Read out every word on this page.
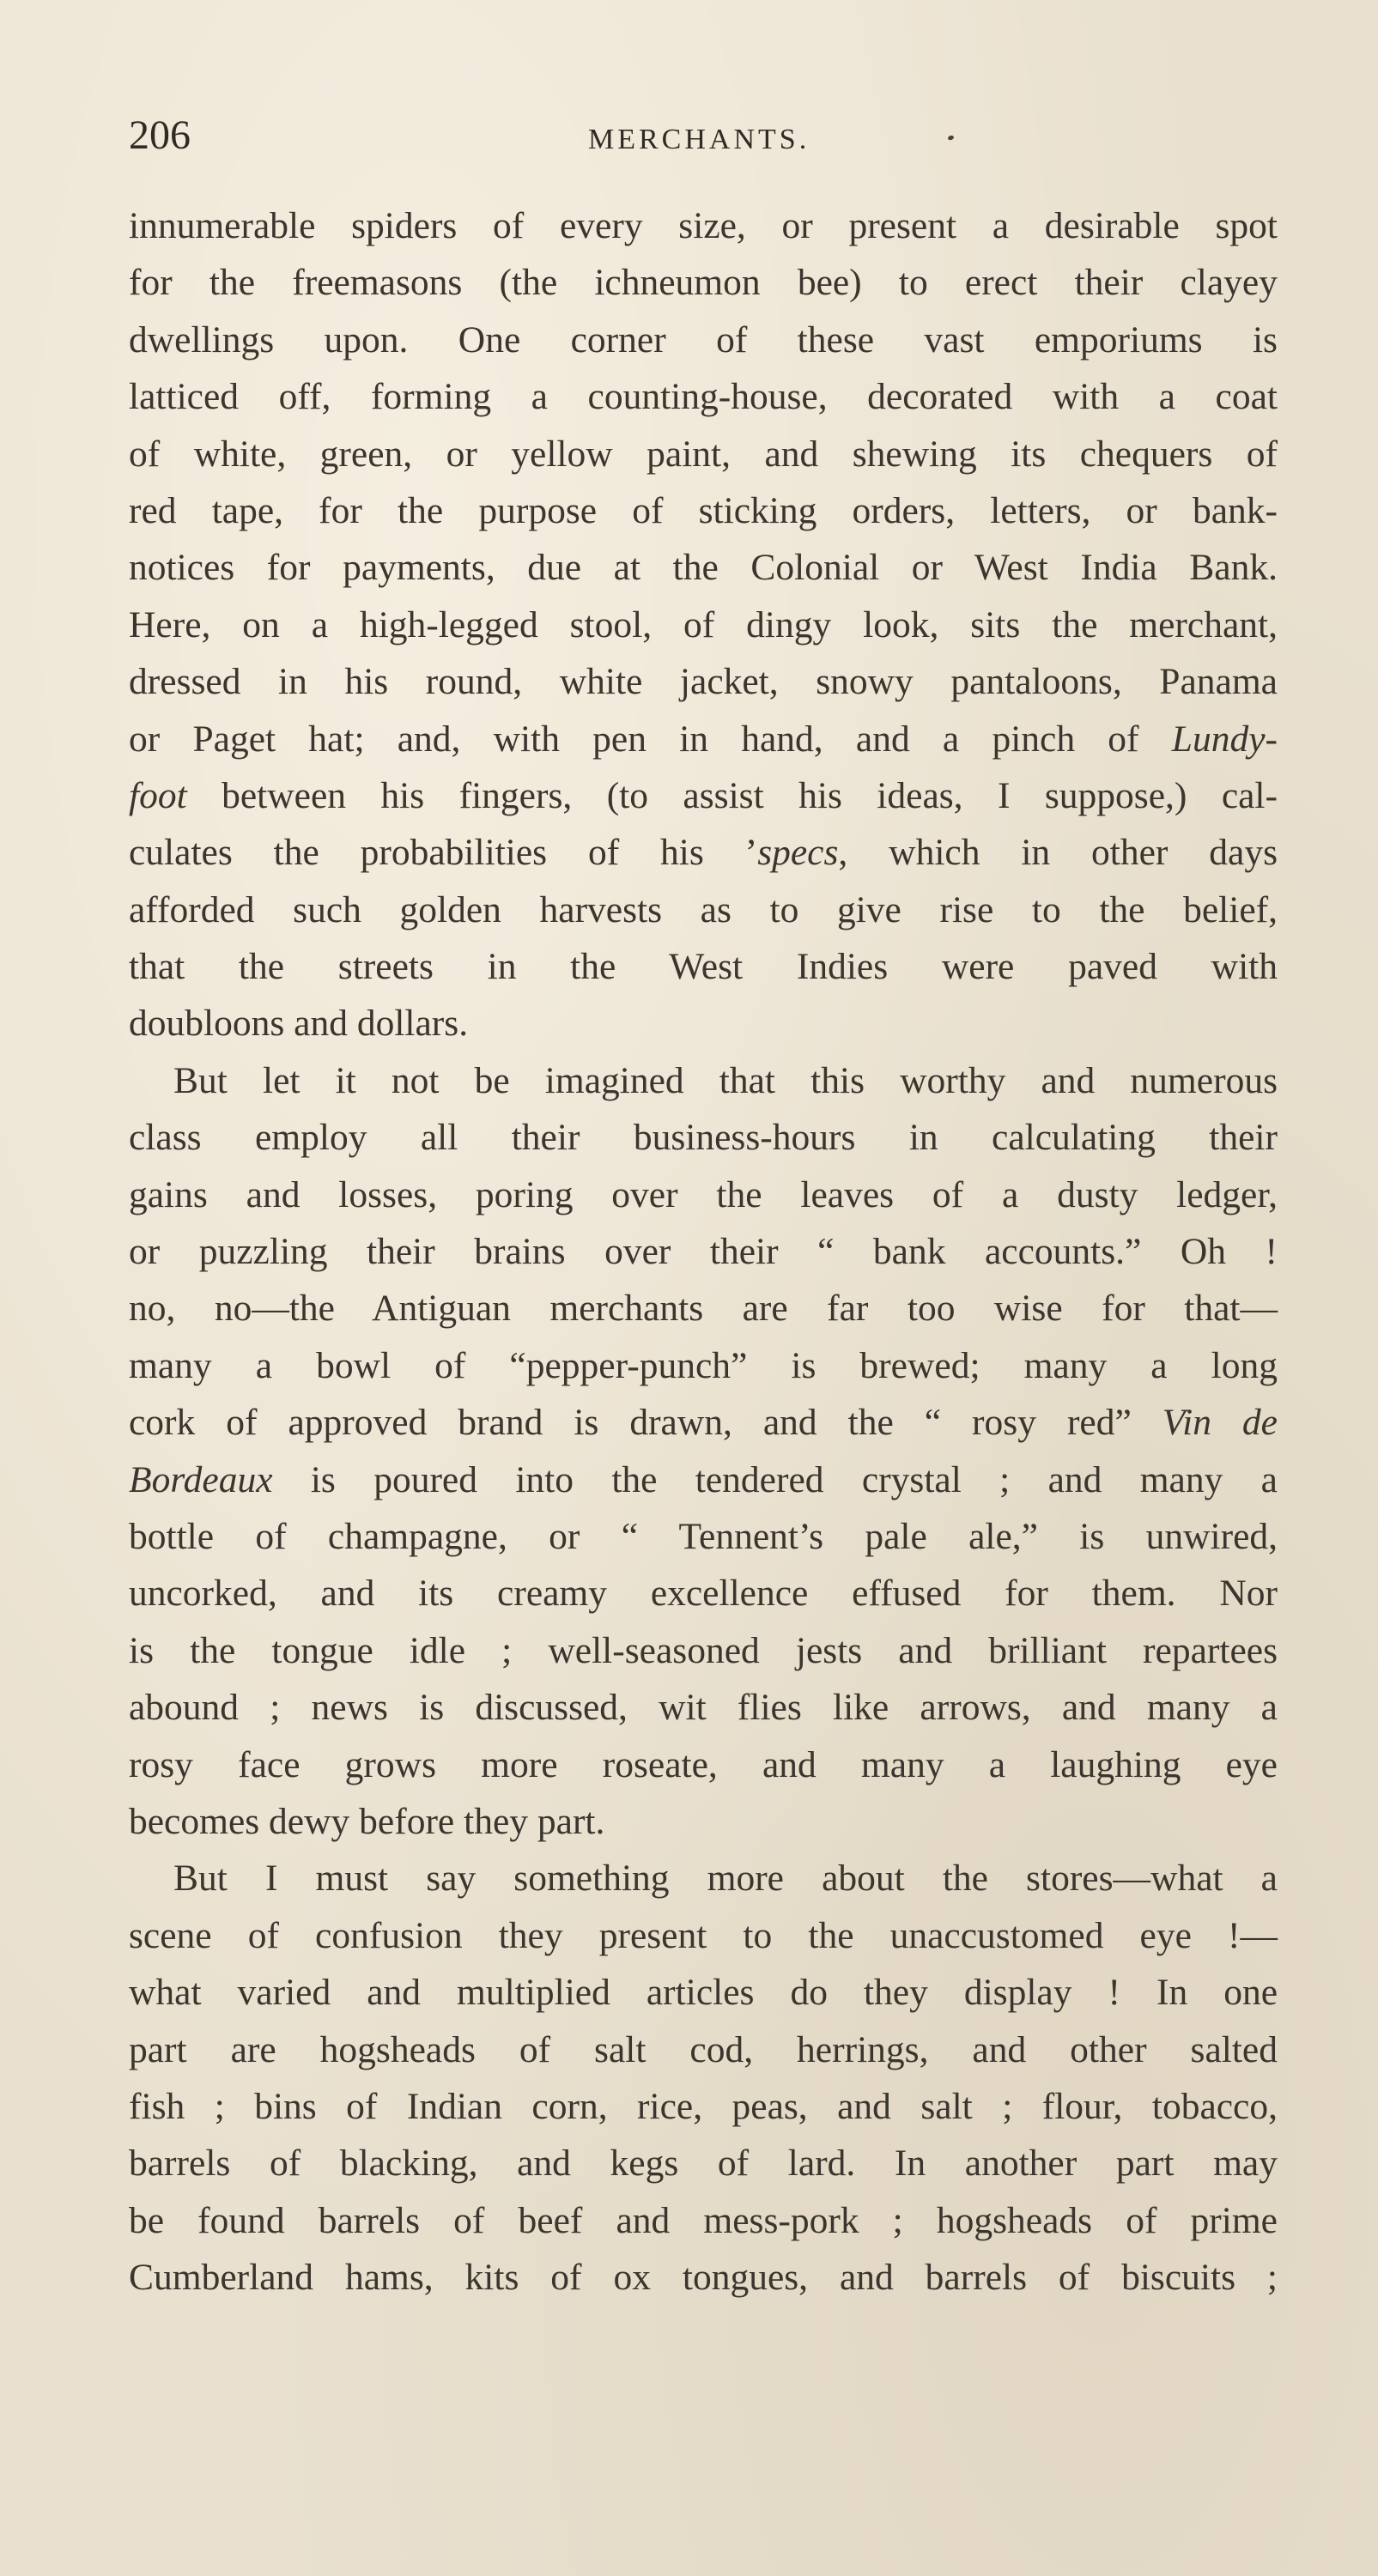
206	MERCHANTS.
innumerable spiders of every size, or present a desirable spot
for the freemasons (the ichneumon bee) to erect their clayey
dwellings upon. One corner of these vast emporiums is
latticed off, forming a counting-house, decorated with a coat
of white, green, or yellow paint, and shewing its chequers of
red tape, for the purpose of sticking orders, letters, or bank-
notices for payments, due at the Colonial or West India Bank.
Here, on a high-legged stool, of dingy look, sits the merchant,
dressed in his round, white jacket, snowy pantaloons, Panama
or Paget hat; and, with pen in hand, and a pinch of Lundy-
foot between his fingers, (to assist his ideas, I suppose,) cal-
culates the probabilities of his ’specs, which in other days
afforded such golden harvests as to give rise to the belief,
that the streets in the West Indies were paved with
doubloons and dollars.
But let it not be imagined that this worthy and numerous
class employ all their business-hours in calculating their
gains and losses, poring over the leaves of a dusty ledger,
or puzzling their brains over their “ bank accounts.” Oh !
no, no—the Antiguan merchants are far too wise for that—
many a bowl of “pepper-punch” is brewed; many a long
cork of approved brand is drawn, and the “ rosy red” Vin de
Bordeaux is poured into the tendered crystal ; and many a
bottle of champagne, or “ Tennent’s pale ale,” is unwired,
uncorked, and its creamy excellence effused for them. Nor
is the tongue idle ; well-seasoned jests and brilliant repartees
abound ; news is discussed, wit flies like arrows, and many a
rosy face grows more roseate, and many a laughing eye
becomes dewy before they part.
But I must say something more about the stores—what a
scene of confusion they present to the unaccustomed eye !—
what varied and multiplied articles do they display ! In one
part are hogsheads of salt cod, herrings, and other salted
fish ; bins of Indian corn, rice, peas, and salt ; flour, tobacco,
barrels of blacking, and kegs of lard. In another part may
be found barrels of beef and mess-pork ; hogsheads of prime
Cumberland hams, kits of ox tongues, and barrels of biscuits ;
